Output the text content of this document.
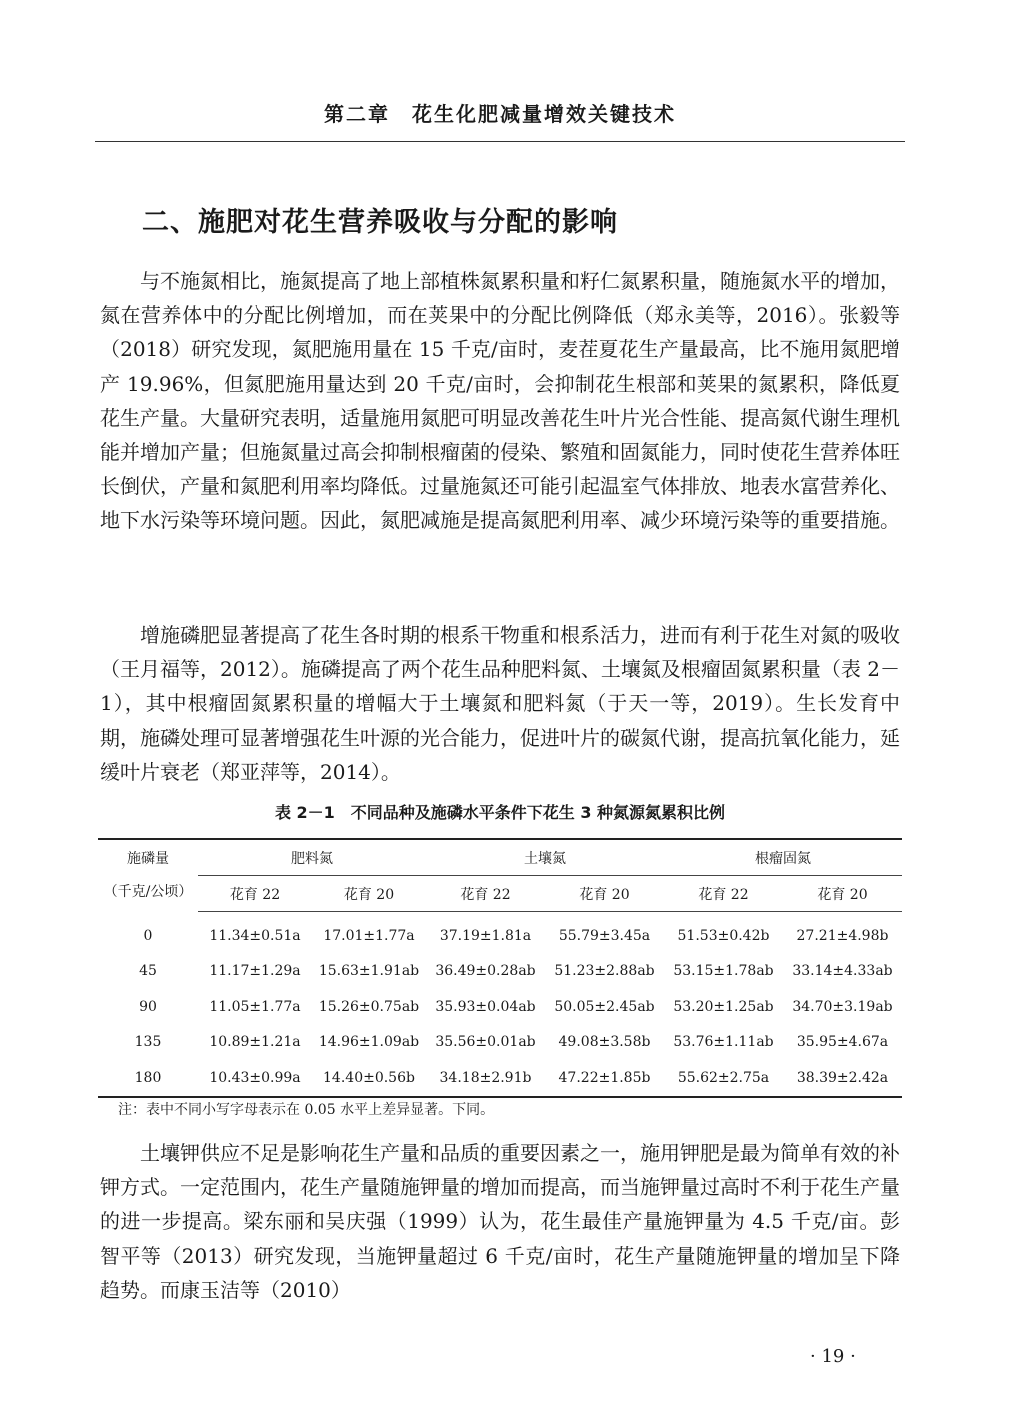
第二章　花生化肥减量增效关键技术
二、施肥对花生营养吸收与分配的影响

与不施氮相比，施氮提高了地上部植株氮累积量和籽仁氮累积量，随施氮水平的增加，氮在营养体中的分配比例增加，而在荚果中的分配比例降低（郑永美等，2016）。张毅等（2018）研究发现，氮肥施用量在 15 千克/亩时，麦茬夏花生产量最高，比不施用氮肥增产 19.96%，但氮肥施用量达到 20 千克/亩时，会抑制花生根部和荚果的氮累积，降低夏花生产量。大量研究表明，适量施用氮肥可明显改善花生叶片光合性能、提高氮代谢生理机能并增加产量；但施氮量过高会抑制根瘤菌的侵染、繁殖和固氮能力，同时使花生营养体旺长倒伏，产量和氮肥利用率均降低。过量施氮还可能引起温室气体排放、地表水富营养化、地下水污染等环境问题。因此，氮肥减施是提高氮肥利用率、减少环境污染等的重要措施。

增施磷肥显著提高了花生各时期的根系干物重和根系活力，进而有利于花生对氮的吸收（王月福等，2012）。施磷提高了两个花生品种肥料氮、土壤氮及根瘤固氮累积量（表 2－1），其中根瘤固氮累积量的增幅大于土壤氮和肥料氮（于天一等，2019）。生长发育中期，施磷处理可显著增强花生叶源的光合能力，促进叶片的碳氮代谢，提高抗氧化能力，延缓叶片衰老（郑亚萍等，2014）。

表 2－1　不同品种及施磷水平条件下花生 3 种氮源氮累积比例
施磷量
（千克/公顷）	肥料氮		土壤氮		根瘤固氮	
	花育 22	花育 20	花育 22	花育 20	花育 22	花育 20
0	11.34±0.51a	17.01±1.77a	37.19±1.81a	55.79±3.45a	51.53±0.42b	27.21±4.98b
45	11.17±1.29a	15.63±1.91ab	36.49±0.28ab	51.23±2.88ab	53.15±1.78ab	33.14±4.33ab
90	11.05±1.77a	15.26±0.75ab	35.93±0.04ab	50.05±2.45ab	53.20±1.25ab	34.70±3.19ab
135	10.89±1.21a	14.96±1.09ab	35.56±0.01ab	49.08±3.58b	53.76±1.11ab	35.95±4.67a
180	10.43±0.99a	14.40±0.56b	34.18±2.91b	47.22±1.85b	55.62±2.75a	38.39±2.42a
注：表中不同小写字母表示在 0.05 水平上差异显著。下同。

土壤钾供应不足是影响花生产量和品质的重要因素之一，施用钾肥是最为简单有效的补钾方式。一定范围内，花生产量随施钾量的增加而提高，而当施钾量过高时不利于花生产量的进一步提高。梁东丽和吴庆强（1999）认为，花生最佳产量施钾量为 4.5 千克/亩。彭智平等（2013）研究发现，当施钾量超过 6 千克/亩时，花生产量随施钾量的增加呈下降趋势。而康玉洁等（2010）

· 19 ·
